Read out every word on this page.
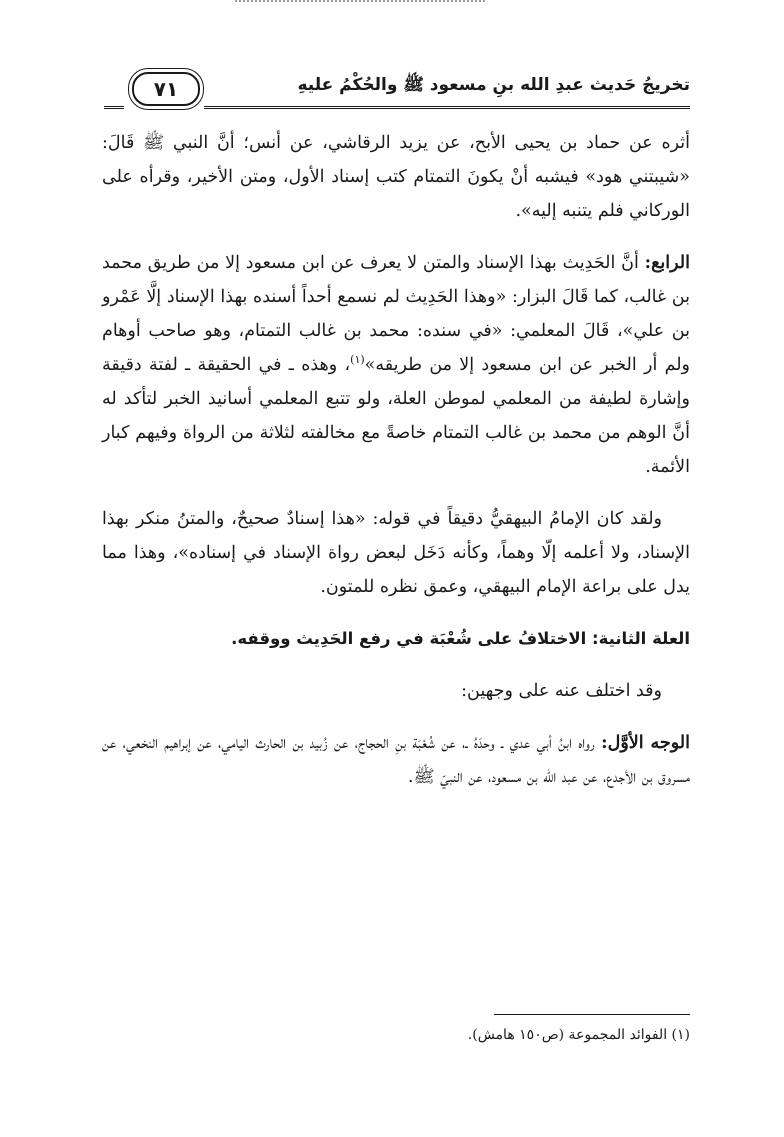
تخريجُ حَديث عبدِ الله بنِ مسعود ﷺ والحُكْمُ عليهِ
٧١

أثره عن حماد بن يحيى الأبح، عن يزيد الرقاشي، عن أنس؛ أنَّ النبي ﷺ قَالَ: «شيبتني هود» فيشبه أنْ يكونَ التمتام كتب إسناد الأول، ومتن الأخير، وقرأه على الوركاني فلم يتنبه إليه».

الرابع: أنَّ الحَدِيث بهذا الإسناد والمتن لا يعرف عن ابن مسعود إلا من طريق محمد بن غالب، كما قَالَ البزار: «وهذا الحَدِيث لم نسمع أحداً أسنده بهذا الإسناد إلَّا عَمْرو بن علي»، قَالَ المعلمي: «في سنده: محمد بن غالب التمتام، وهو صاحب أوهام ولم أر الخبر عن ابن مسعود إلا من طريقه»$^{(١)}$، وهذه ـ في الحقيقة ـ لفتة دقيقة وإشارة لطيفة من المعلمي لموطن العلة، ولو تتبع المعلمي أسانيد الخبر لتأكد له أنَّ الوهم من محمد بن غالب التمتام خاصةً مع مخالفته لثلاثة من الرواة وفيهم كبار الأئمة.

ولقد كان الإمامُ البيهقيُّ دقيقاً في قوله: «هذا إسنادٌ صحيحٌ، والمتنُ منكر بهذا الإسناد، ولا أعلمه إلّا وهماً، وكأنه دَخَل لبعض رواة الإسناد في إسناده»، وهذا مما يدل على براعة الإمام البيهقي، وعمق نظره للمتون.

العلة الثانية: الاختلافُ على شُعْبَة في رفع الحَدِيث ووقفه.

وقد اختلف عنه على وجهين:

الوجه الأوَّل: رواه ابنُ أبي عدي ـ وحدَهُ ـ، عن شُعْبَة بنِ الحجاج، عن زُبيد بن الحارث اليامي، عن إبراهيم النخعي، عن مسروق بن الأجدع، عن عبد الله بن مسعود، عن النبيّ ﷺ.

(١) الفوائد المجموعة (ص١٥٠ هامش).
